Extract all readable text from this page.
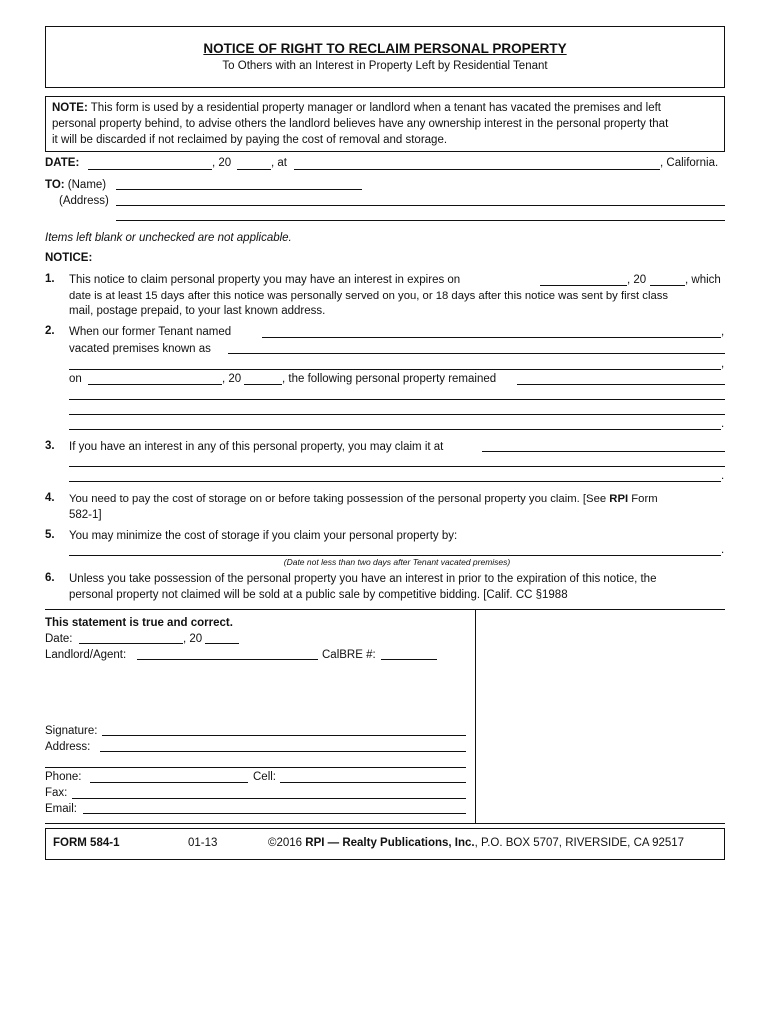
NOTICE OF RIGHT TO RECLAIM PERSONAL PROPERTY
To Others with an Interest in Property Left by Residential Tenant
NOTE: This form is used by a residential property manager or landlord when a tenant has vacated the premises and left
personal property behind, to advise others the landlord believes have any ownership interest in the personal property that
it will be discarded if not reclaimed by paying the cost of removal and storage.
DATE:	, 20	, at	, California.
TO: (Name)
(Address)
Items left blank or unchecked are not applicable.
NOTICE:
1. This notice to claim personal property you may have an interest in expires on	, 20	, which
date is at least 15 days after this notice was personally served on you, or 18 days after this notice was sent by first class
mail, postage prepaid, to your last known address.
2. When our former Tenant named	,
vacated premises known as
,
on	, 20	, the following personal property remained
.
3. If you have an interest in any of this personal property, you may claim it at
.
4. You need to pay the cost of storage on or before taking possession of the personal property you claim. [See RPI Form
582-1]
5. You may minimize the cost of storage if you claim your personal property by:
.
(Date not less than two days after Tenant vacated premises)
6. Unless you take possession of the personal property you have an interest in prior to the expiration of this notice, the
personal property not claimed will be sold at a public sale by competitive bidding. [Calif. CC §1988
This statement is true and correct.
Date:	, 20
Landlord/Agent:	CalBRE #:
Signature:
Address:
Phone:	Cell:
Fax:
Email:
FORM 584-1	01-13	©2016 RPI — Realty Publications, Inc., P.O. BOX 5707, RIVERSIDE, CA 92517
